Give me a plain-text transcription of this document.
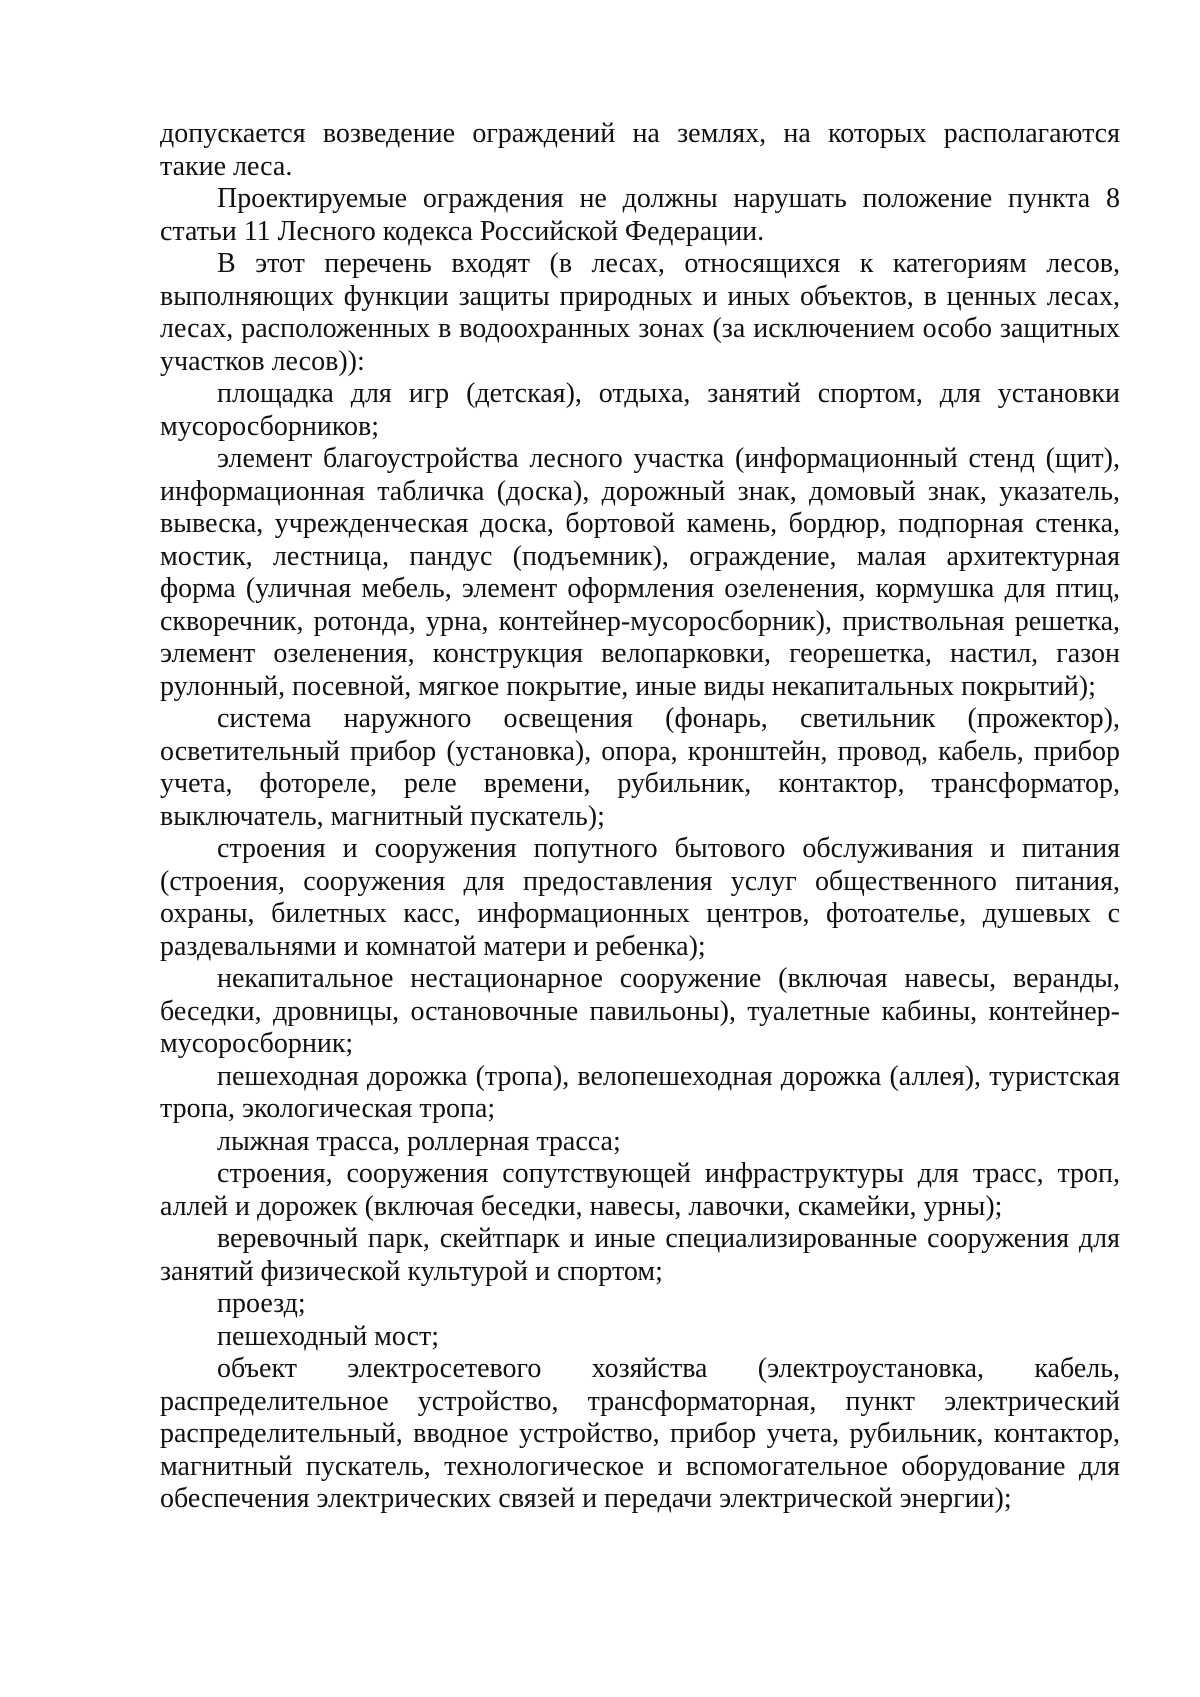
допускается возведение ограждений на землях, на которых располагаются такие леса.

Проектируемые ограждения не должны нарушать положение пункта 8 статьи 11 Лесного кодекса Российской Федерации.

В этот перечень входят (в лесах, относящихся к категориям лесов, выполняющих функции защиты природных и иных объектов, в ценных лесах, лесах, расположенных в водоохранных зонах (за исключением особо защитных участков лесов)):

площадка для игр (детская), отдыха, занятий спортом, для установки мусоросборников;

элемент благоустройства лесного участка (информационный стенд (щит), информационная табличка (доска), дорожный знак, домовый знак, указатель, вывеска, учрежденческая доска, бортовой камень, бордюр, подпорная стенка, мостик, лестница, пандус (подъемник), ограждение, малая архитектурная форма (уличная мебель, элемент оформления озеленения, кормушка для птиц, скворечник, ротонда, урна, контейнер-мусоросборник), приствольная решетка, элемент озеленения, конструкция велопарковки, георешетка, настил, газон рулонный, посевной, мягкое покрытие, иные виды некапитальных покрытий);

система наружного освещения (фонарь, светильник (прожектор), осветительный прибор (установка), опора, кронштейн, провод, кабель, прибор учета, фотореле, реле времени, рубильник, контактор, трансформатор, выключатель, магнитный пускатель);

строения и сооружения попутного бытового обслуживания и питания (строения, сооружения для предоставления услуг общественного питания, охраны, билетных касс, информационных центров, фотоателье, душевых с раздевальнями и комнатой матери и ребенка);

некапитальное нестационарное сооружение (включая навесы, веранды, беседки, дровницы, остановочные павильоны), туалетные кабины, контейнер-мусоросборник;

пешеходная дорожка (тропа), велопешеходная дорожка (аллея), туристская тропа, экологическая тропа;

лыжная трасса, роллерная трасса;

строения, сооружения сопутствующей инфраструктуры для трасс, троп, аллей и дорожек (включая беседки, навесы, лавочки, скамейки, урны);

веревочный парк, скейтпарк и иные специализированные сооружения для занятий физической культурой и спортом;

проезд;

пешеходный мост;

объект электросетевого хозяйства (электроустановка, кабель, распределительное устройство, трансформаторная, пункт электрический распределительный, вводное устройство, прибор учета, рубильник, контактор, магнитный пускатель, технологическое и вспомогательное оборудование для обеспечения электрических связей и передачи электрической энергии);
